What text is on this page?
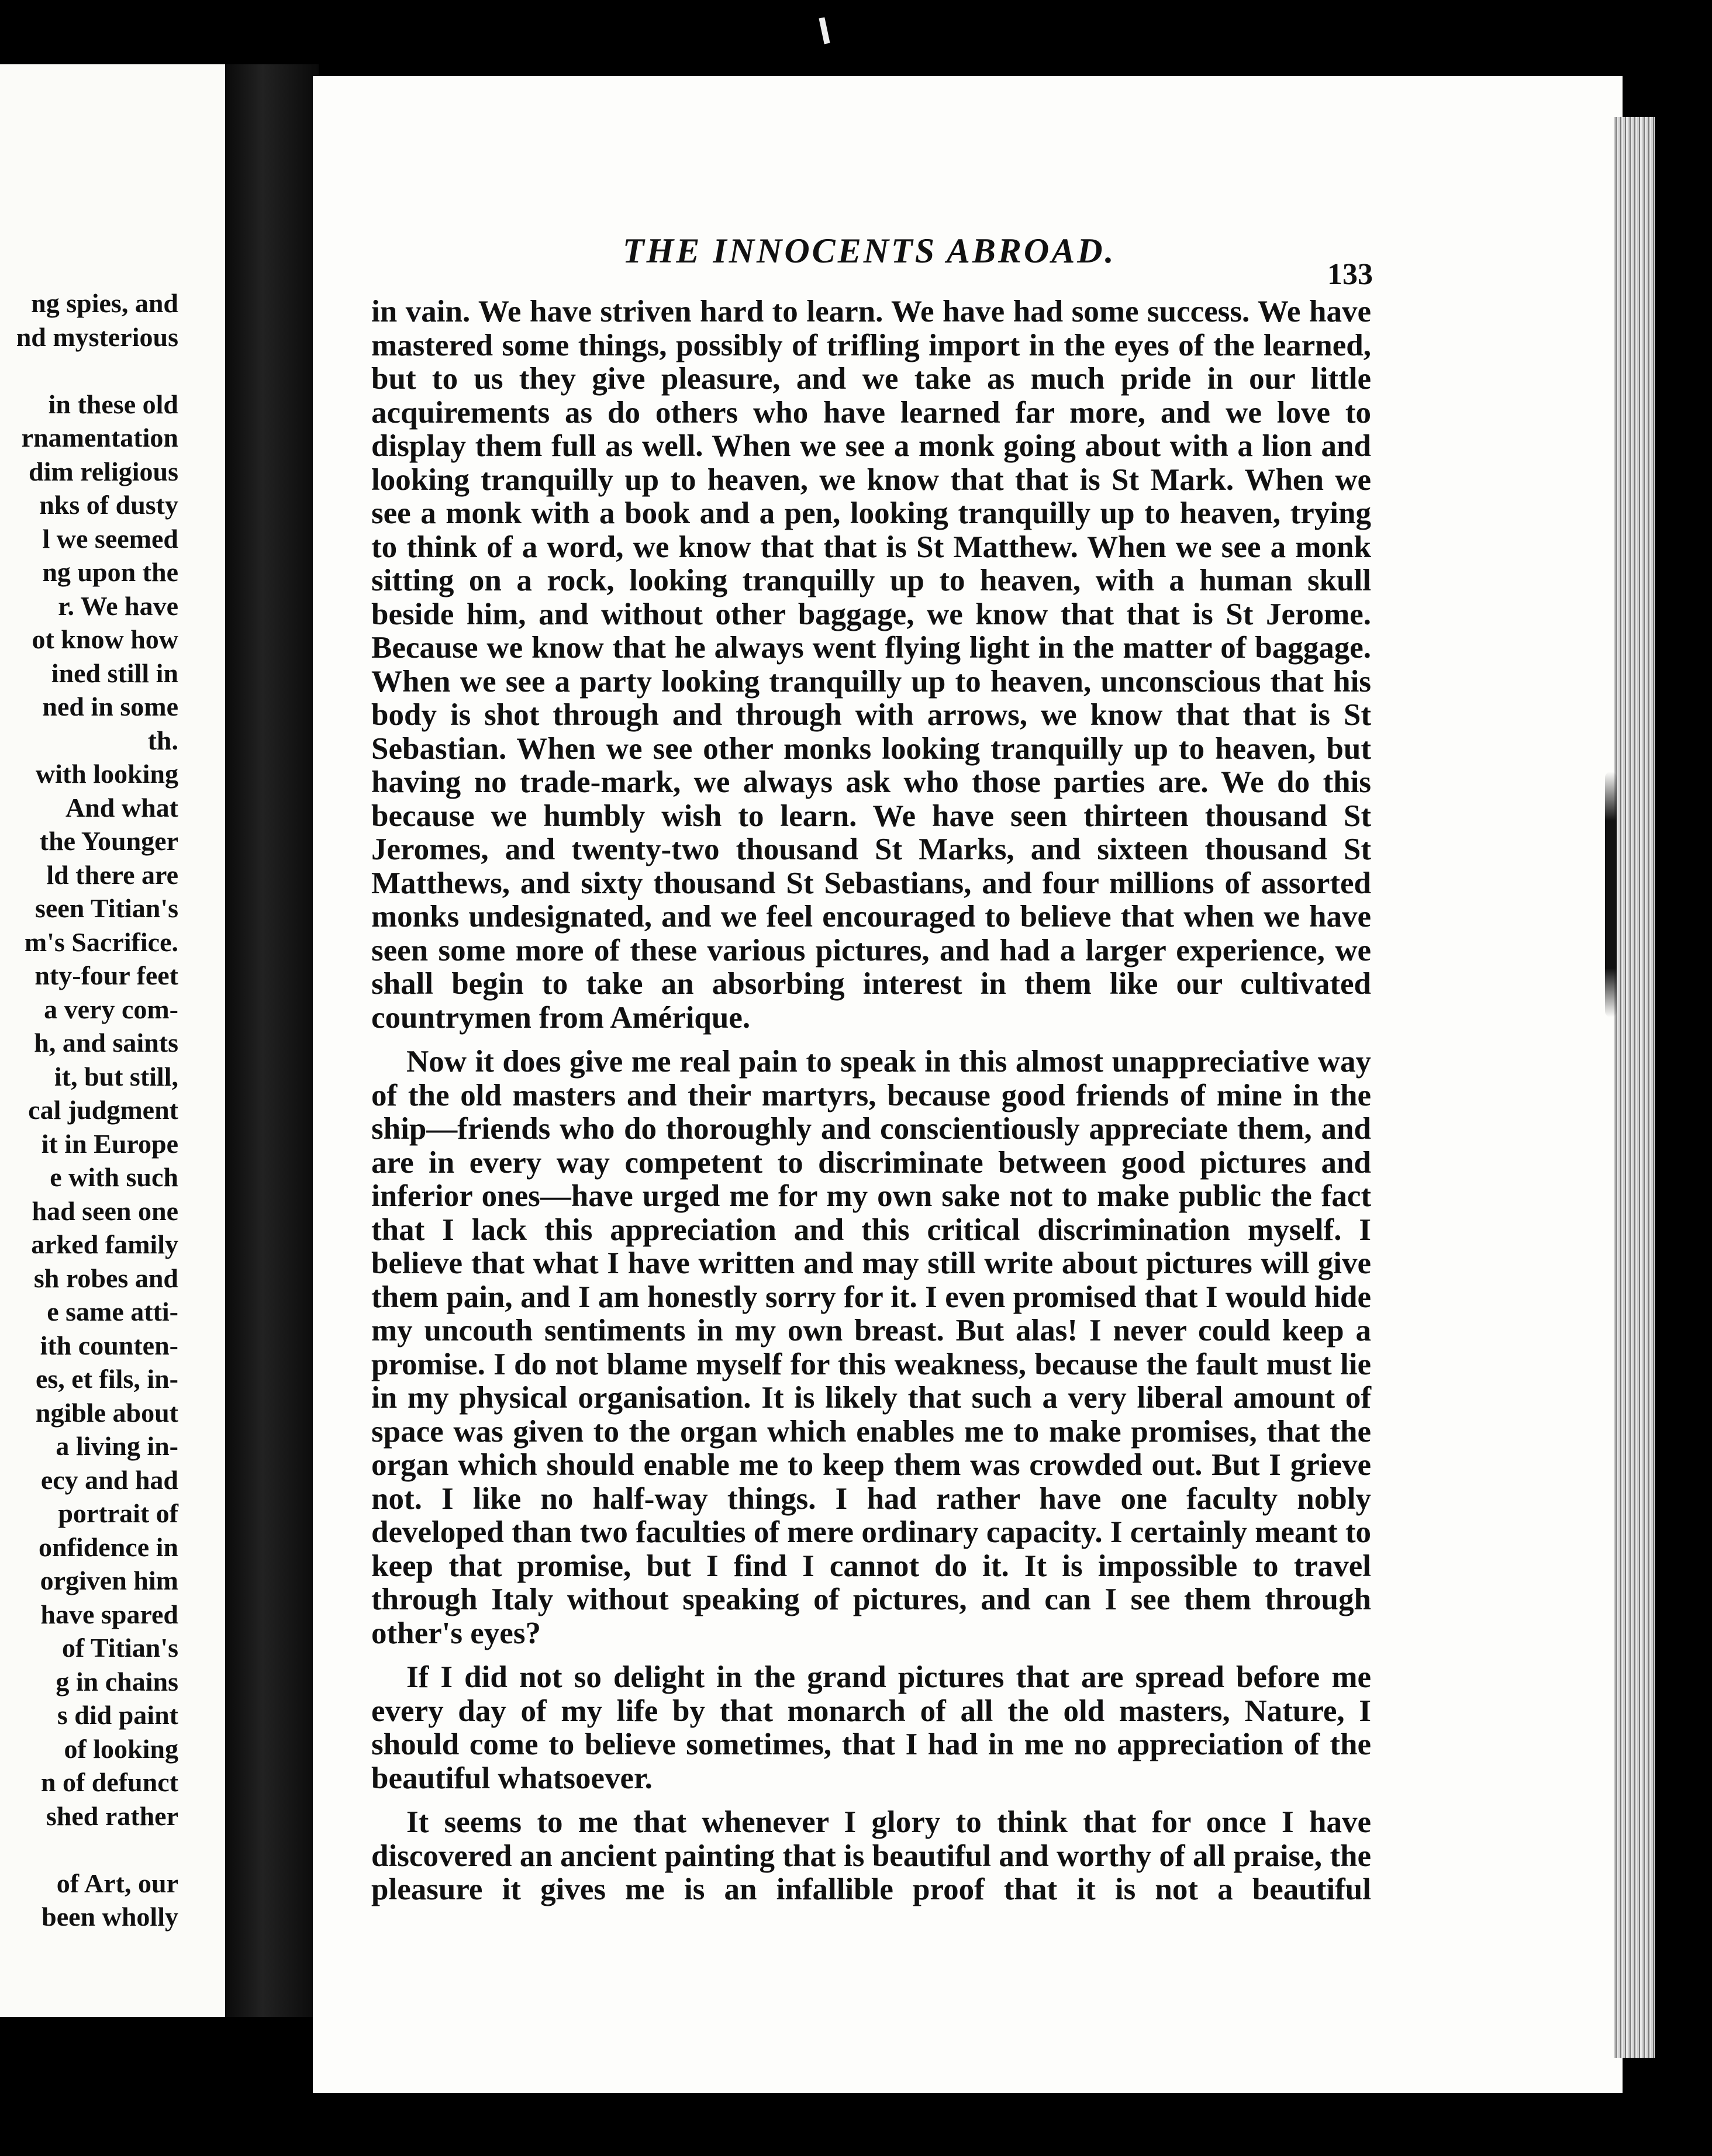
ng spies, and
nd mysterious
in these old
rnamentation
dim religious
nks of dusty
l we seemed
ng upon the
r. We have
ot know how
ined still in
ned in some
th.
with looking
And what
the Younger
ld there are
seen Titian's
m's Sacrifice.
nty-four feet
a very com-
h, and saints
it, but still,
cal judgment
it in Europe
e with such
had seen one
arked family
sh robes and
e same atti-
ith counten-
es, et fils, in-
ngible about
a living in-
ecy and had
portrait of
onfidence in
orgiven him
have spared
of Titian's
g in chains
s did paint
of looking
n of defunct
shed rather
of Art, our
been wholly
THE INNOCENTS ABROAD.
133

in vain. We have striven hard to learn. We have had some success. We have mastered some things, possibly of trifling import in the eyes of the learned, but to us they give pleasure, and we take as much pride in our little acquirements as do others who have learned far more, and we love to display them full as well. When we see a monk going about with a lion and looking tranquilly up to heaven, we know that that is St Mark. When we see a monk with a book and a pen, looking tranquilly up to heaven, trying to think of a word, we know that that is St Matthew. When we see a monk sitting on a rock, looking tranquilly up to heaven, with a human skull beside him, and without other baggage, we know that that is St Jerome. Because we know that he always went flying light in the matter of baggage. When we see a party looking tranquilly up to heaven, unconscious that his body is shot through and through with arrows, we know that that is St Sebastian. When we see other monks looking tranquilly up to heaven, but having no trade-mark, we always ask who those parties are. We do this because we humbly wish to learn. We have seen thirteen thousand St Jeromes, and twenty-two thousand St Marks, and sixteen thousand St Matthews, and sixty thousand St Sebastians, and four millions of assorted monks undesignated, and we feel encouraged to believe that when we have seen some more of these various pictures, and had a larger experience, we shall begin to take an absorbing interest in them like our cultivated countrymen from Amérique.

Now it does give me real pain to speak in this almost unappreciative way of the old masters and their martyrs, because good friends of mine in the ship—friends who do thoroughly and conscientiously appreciate them, and are in every way competent to discriminate between good pictures and inferior ones—have urged me for my own sake not to make public the fact that I lack this appreciation and this critical discrimination myself. I believe that what I have written and may still write about pictures will give them pain, and I am honestly sorry for it. I even promised that I would hide my uncouth sentiments in my own breast. But alas! I never could keep a promise. I do not blame myself for this weakness, because the fault must lie in my physical organisation. It is likely that such a very liberal amount of space was given to the organ which enables me to make promises, that the organ which should enable me to keep them was crowded out. But I grieve not. I like no half-way things. I had rather have one faculty nobly developed than two faculties of mere ordinary capacity. I certainly meant to keep that promise, but I find I cannot do it. It is impossible to travel through Italy without speaking of pictures, and can I see them through other's eyes?

If I did not so delight in the grand pictures that are spread before me every day of my life by that monarch of all the old masters, Nature, I should come to believe sometimes, that I had in me no appreciation of the beautiful whatsoever.

It seems to me that whenever I glory to think that for once I have discovered an ancient painting that is beautiful and worthy of all praise, the pleasure it gives me is an infallible proof that it is not a beautiful
